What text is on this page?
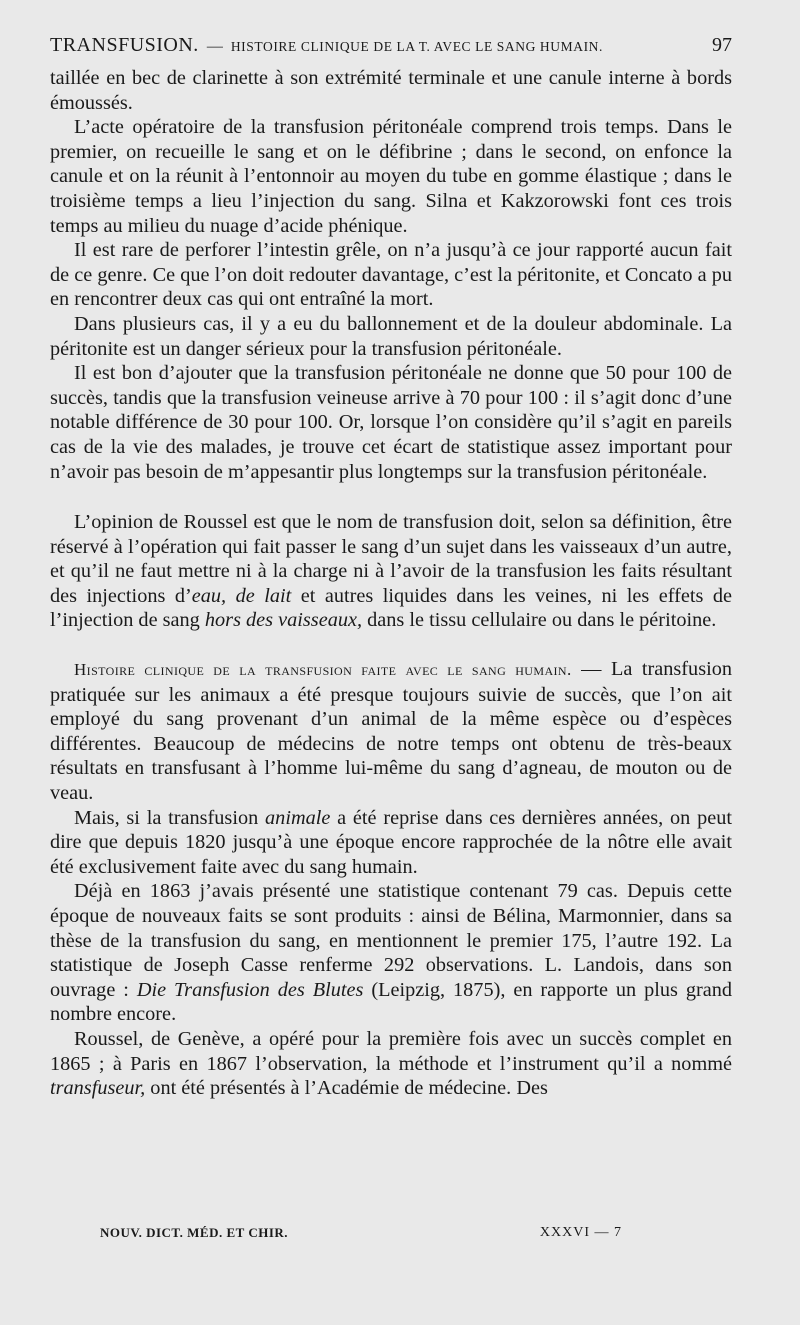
TRANSFUSION. — HISTOIRE CLINIQUE DE LA T. AVEC LE SANG HUMAIN.	97

taillée en bec de clarinette à son extrémité terminale et une canule interne à bords émoussés.

L’acte opératoire de la transfusion péritonéale comprend trois temps. Dans le premier, on recueille le sang et on le défibrine ; dans le second, on enfonce la canule et on la réunit à l’entonnoir au moyen du tube en gomme élastique ; dans le troisième temps a lieu l’injection du sang. Silna et Kakzorowski font ces trois temps au milieu du nuage d’acide phénique.

Il est rare de perforer l’intestin grêle, on n’a jusqu’à ce jour rapporté aucun fait de ce genre. Ce que l’on doit redouter davantage, c’est la péritonite, et Concato a pu en rencontrer deux cas qui ont entraîné la mort.

Dans plusieurs cas, il y a eu du ballonnement et de la douleur abdominale. La péritonite est un danger sérieux pour la transfusion péritonéale.

Il est bon d’ajouter que la transfusion péritonéale ne donne que 50 pour 100 de succès, tandis que la transfusion veineuse arrive à 70 pour 100 : il s’agit donc d’une notable différence de 30 pour 100. Or, lorsque l’on considère qu’il s’agit en pareils cas de la vie des malades, je trouve cet écart de statistique assez important pour n’avoir pas besoin de m’appesantir plus longtemps sur la transfusion péritonéale.

L’opinion de Roussel est que le nom de transfusion doit, selon sa définition, être réservé à l’opération qui fait passer le sang d’un sujet dans les vaisseaux d’un autre, et qu’il ne faut mettre ni à la charge ni à l’avoir de la transfusion les faits résultant des injections d’eau, de lait et autres liquides dans les veines, ni les effets de l’injection de sang hors des vaisseaux, dans le tissu cellulaire ou dans le péritoine.

Histoire clinique de la transfusion faite avec le sang humain. — La transfusion pratiquée sur les animaux a été presque toujours suivie de succès, que l’on ait employé du sang provenant d’un animal de la même espèce ou d’espèces différentes. Beaucoup de médecins de notre temps ont obtenu de très-beaux résultats en transfusant à l’homme lui-même du sang d’agneau, de mouton ou de veau.

Mais, si la transfusion animale a été reprise dans ces dernières années, on peut dire que depuis 1820 jusqu’à une époque encore rapprochée de la nôtre elle avait été exclusivement faite avec du sang humain.

Déjà en 1863 j’avais présenté une statistique contenant 79 cas. Depuis cette époque de nouveaux faits se sont produits : ainsi de Bélina, Marmonnier, dans sa thèse de la transfusion du sang, en mentionnent le premier 175, l’autre 192. La statistique de Joseph Casse renferme 292 observations. L. Landois, dans son ouvrage : Die Transfusion des Blutes (Leipzig, 1875), en rapporte un plus grand nombre encore.

Roussel, de Genève, a opéré pour la première fois avec un succès complet en 1865 ; à Paris en 1867 l’observation, la méthode et l’instrument qu’il a nommé transfuseur, ont été présentés à l’Académie de médecine. Des

NOUV. DICT. MÉD. ET CHIR.	XXXVI — 7
